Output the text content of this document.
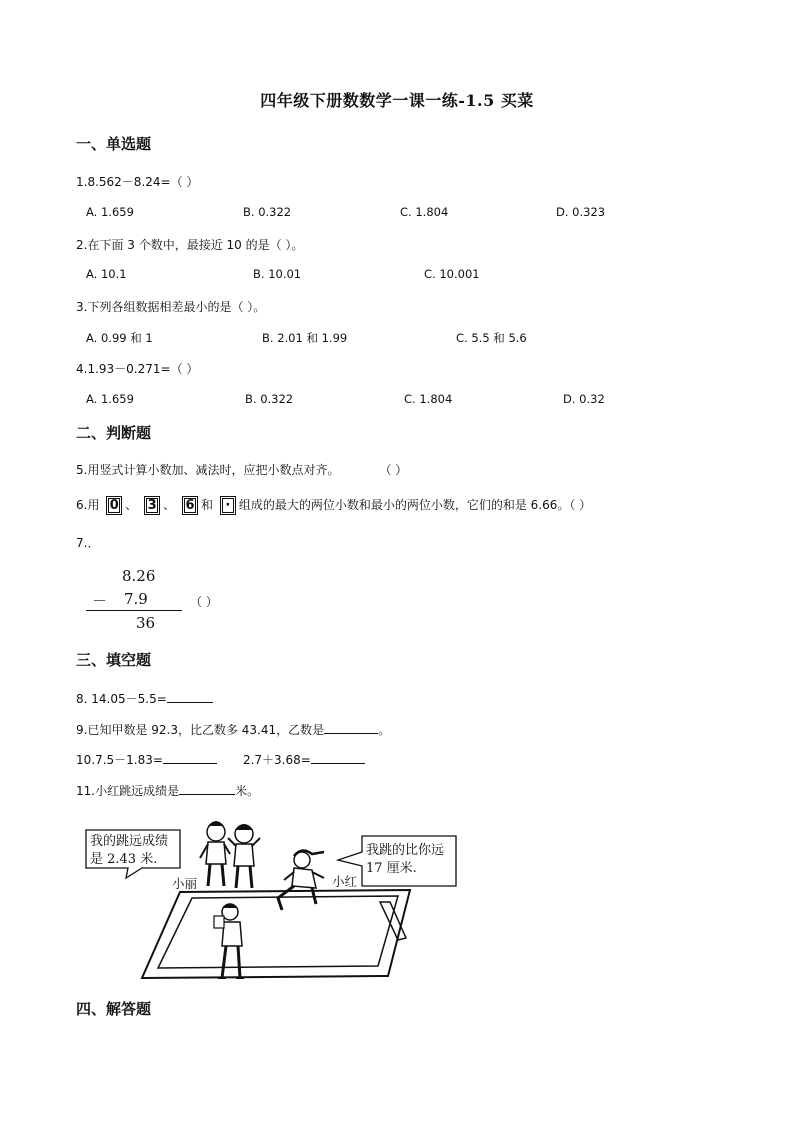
四年级下册数数学一课一练-1.5 买菜
一、单选题
1.8.562－8.24=（ ）
A. 1.659	B. 0.322	C. 1.804	D. 0.323
2.在下面 3 个数中，最接近 10 的是（ ）。
A. 10.1	B. 10.01	C. 10.001
3.下列各组数据相差最小的是（ ）。
A. 0.99 和 1	B. 2.01 和 1.99	C. 5.5 和 5.6
4.1.93－0.271=（ ）
A. 1.659	B. 0.322	C. 1.804	D. 0.32
二、判断题
5.用竖式计算小数加、减法时，应把小数点对齐。	（ ）
6.用 0 、 3 、 6 和 · 组成的最大的两位小数和最小的两位小数，它们的和是 6.66。（ ）
7.．
8.26
－ 7.9
36
（ ）
三、填空题
8. 14.05－5.5=
9.已知甲数是 92.3，比乙数多 43.41，乙数是	。
10.7.5－1.83=	2.7＋3.68=
11.小红跳远成绩是	米。
我的跳远成绩
是 2.43 米.
我跳的比你远
17 厘米.
小丽	小红
四、解答题
